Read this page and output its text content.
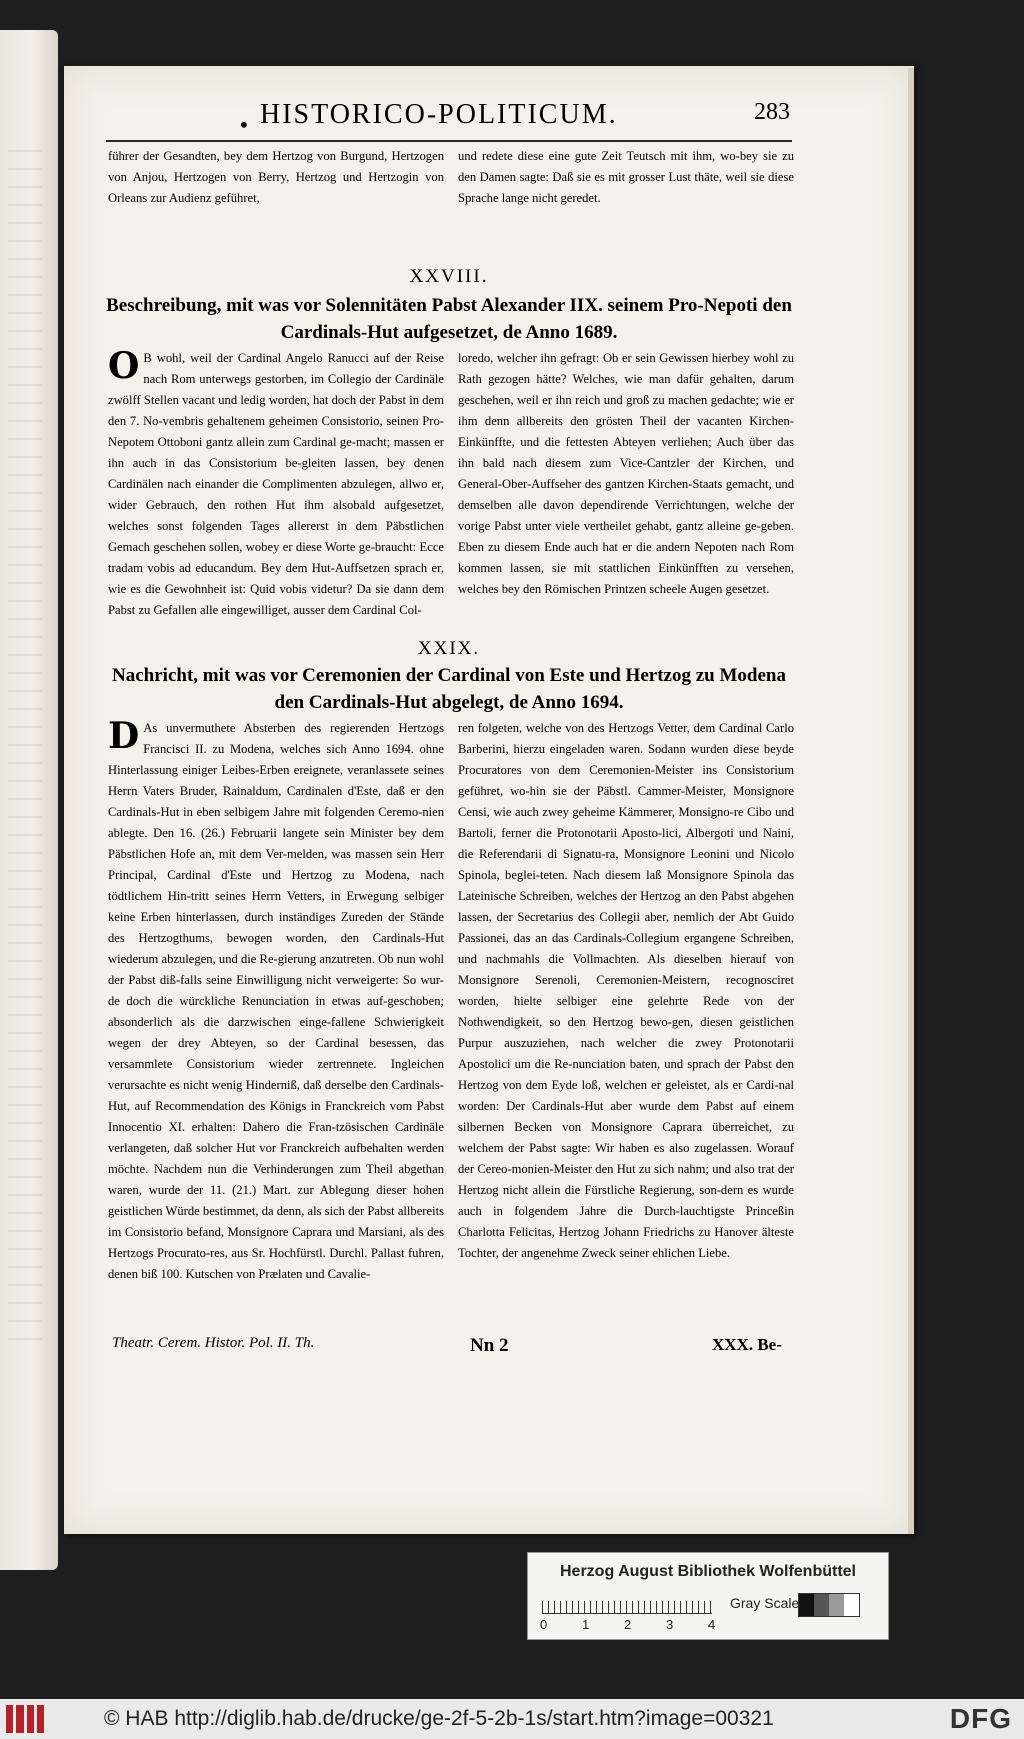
• HISTORICO-POLITICUM.	283

führer der Gesandten, bey dem Hertzog von Burgund, Hertzogen von Anjou, Hertzogen von Berry, Hertzog und Hertzogin von Orleans zur Audienz geführet,

und redete diese eine gute Zeit Teutsch mit ihm, wo-bey sie zu den Damen sagte: Daß sie es mit grosser Lust thäte, weil sie diese Sprache lange nicht geredet.

XXVIII.
Beschreibung, mit was vor Solennitäten Pabst Alexander IIX. seinem Pro-Nepoti den Cardinals-Hut aufgesetzet, de Anno 1689.

O B wohl, weil der Cardinal Angelo Ranucci auf der Reise nach Rom unterwegs gestorben, im Collegio der Cardinäle zwölff Stellen vacant und ledig worden, hat doch der Pabst in dem den 7. No-vembris gehaltenem geheimen Consistorio, seinen Pro-Nepotem Ottoboni gantz allein zum Cardinal ge-macht; massen er ihn auch in das Consistorium be-gleiten lassen, bey denen Cardinälen nach einander die Complimenten abzulegen, allwo er, wider Gebrauch, den rothen Hut ihm alsobald aufgesetzet, welches sonst folgenden Tages allererst in dem Päbstlichen Gemach geschehen sollen, wobey er diese Worte ge-braucht: Ecce tradam vobis ad educandum. Bey dem Hut-Auffsetzen sprach er, wie es die Gewohnheit ist: Quid vobis videtur? Da sie dann dem Pabst zu Gefallen alle eingewilliget, ausser dem Cardinal Col-

loredo, welcher ihn gefragt: Ob er sein Gewissen hierbey wohl zu Rath gezogen hätte? Welches, wie man dafür gehalten, darum geschehen, weil er ihn reich und groß zu machen gedachte; wie er ihm denn allbereits den grösten Theil der vacanten Kirchen-Einkünffte, und die fettesten Abteyen verliehen; Auch über das ihn bald nach diesem zum Vice-Cantzler der Kirchen, und General-Ober-Auffseher des gantzen Kirchen-Staats gemacht, und demselben alle davon dependirende Verrichtungen, welche der vorige Pabst unter viele vertheilet gehabt, gantz alleine ge-geben. Eben zu diesem Ende auch hat er die andern Nepoten nach Rom kommen lassen, sie mit stattlichen Einkünfften zu versehen, welches bey den Römischen Printzen scheele Augen gesetzet.

XXIX.
Nachricht, mit was vor Ceremonien der Cardinal von Este und Hertzog zu Modena den Cardinals-Hut abgelegt, de Anno 1694.

D As unvermuthete Absterben des regierenden Hertzogs Francisci II. zu Modena, welches sich Anno 1694. ohne Hinterlassung einiger Leibes-Erben ereignete, veranlassete seines Herrn Vaters Bruder, Rainaldum, Cardinalen d'Este, daß er den Cardinals-Hut in eben selbigem Jahre mit folgenden Ceremo-nien ablegte. Den 16. (26.) Februarii langete sein Minister bey dem Päbstlichen Hofe an, mit dem Ver-melden, was massen sein Herr Principal, Cardinal d'Este und Hertzog zu Modena, nach tödtlichem Hin-tritt seines Herrn Vetters, in Erwegung selbiger keine Erben hinterlassen, durch inständiges Zureden der Stände des Hertzogthums, bewogen worden, den Cardinals-Hut wiederum abzulegen, und die Re-gierung anzutreten. Ob nun wohl der Pabst diß-falls seine Einwilligung nicht verweigerte: So wur-de doch die würckliche Renunciation in etwas auf-geschoben; absonderlich als die darzwischen einge-fallene Schwierigkeit wegen der drey Abteyen, so der Cardinal besessen, das versammlete Consistorium wieder zertrennete. Ingleichen verursachte es nicht wenig Hinderniß, daß derselbe den Cardinals-Hut, auf Recommendation des Königs in Franckreich vom Pabst Innocentio XI. erhalten: Dahero die Fran-tzösischen Cardinäle verlangeten, daß solcher Hut vor Franckreich aufbehalten werden möchte. Nachdem nun die Verhinderungen zum Theil abgethan waren, wurde der 11. (21.) Mart. zur Ablegung dieser hohen geistlichen Würde bestimmet, da denn, als sich der Pabst allbereits im Consistorio befand, Monsignore Caprara und Marsiani, als des Hertzogs Procurato-res, aus Sr. Hochfürstl. Durchl. Pallast fuhren, denen biß 100. Kutschen von Prælaten und Cavalie-

ren folgeten, welche von des Hertzogs Vetter, dem Cardinal Carlo Barberini, hierzu eingeladen waren. Sodann wurden diese beyde Procuratores von dem Ceremonien-Meister ins Consistorium geführet, wo-hin sie der Päbstl. Cammer-Meister, Monsignore Censi, wie auch zwey geheime Kämmerer, Monsigno-re Cibo und Bartoli, ferner die Protonotarii Aposto-lici, Albergoti und Naini, die Referendarii di Signatu-ra, Monsignore Leonini und Nicolo Spinola, beglei-teten. Nach diesem laß Monsignore Spinola das Lateinische Schreiben, welches der Hertzog an den Pabst abgehen lassen, der Secretarius des Collegii aber, nemlich der Abt Guido Passionei, das an das Cardinals-Collegium ergangene Schreiben, und nachmahls die Vollmachten. Als dieselben hierauf von Monsignore Serenoli, Ceremonien-Meistern, recognosciret worden, hielte selbiger eine gelehrte Rede von der Nothwendigkeit, so den Hertzog bewo-gen, diesen geistlichen Purpur auszuziehen, nach welcher die zwey Protonotarii Apostolici um die Re-nunciation baten, und sprach der Pabst den Hertzog von dem Eyde loß, welchen er geleistet, als er Cardi-nal worden: Der Cardinals-Hut aber wurde dem Pabst auf einem silbernen Becken von Monsignore Caprara überreichet, zu welchem der Pabst sagte: Wir haben es also zugelassen. Worauf der Cereo-monien-Meister den Hut zu sich nahm; und also trat der Hertzog nicht allein die Fürstliche Regierung, son-dern es wurde auch in folgendem Jahre die Durch-lauchtigste Princeßin Charlotta Felicitas, Hertzog Johann Friedrichs zu Hanover älteste Tochter, der angenehme Zweck seiner ehlichen Liebe.

Theatr. Cerem. Histor. Pol. II. Th.	Nn 2	XXX. Be-
Herzog August Bibliothek Wolfenbüttel
0	1	2	3	4
Gray Scale
© HAB http://diglib.hab.de/drucke/ge-2f-5-2b-1s/start.htm?image=00321	DFG
